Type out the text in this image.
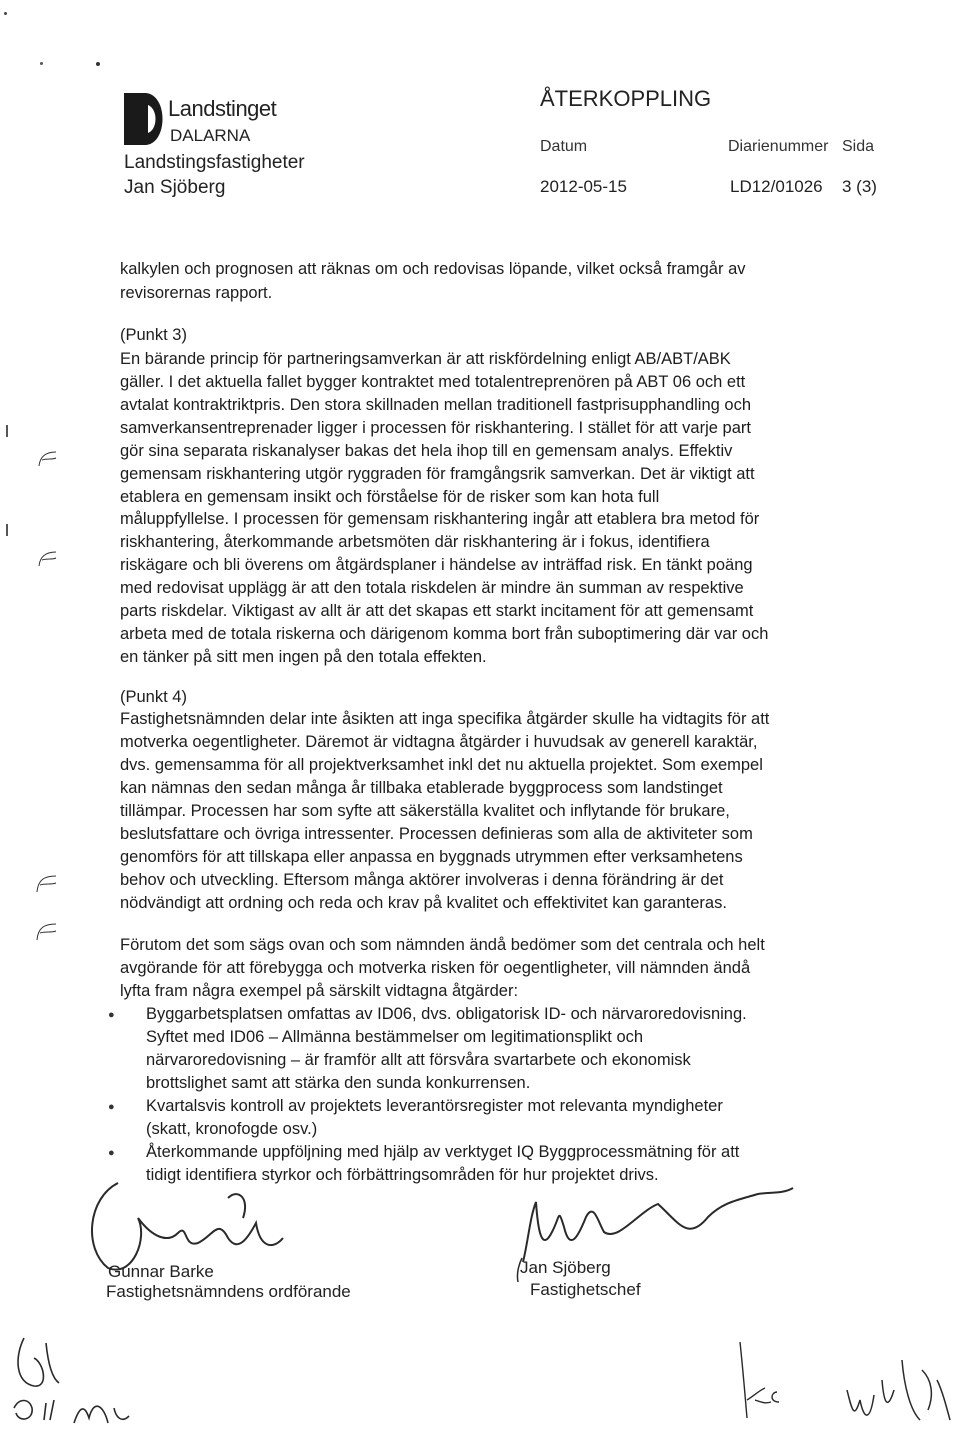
Landstinget
DALARNA
Landstingsfastigheter
Jan Sjöberg
ÅTERKOPPLING
Datum	Diarienummer Sida
2012-05-15	LD12/01026 3 (3)
kalkylen och prognosen att räknas om och redovisas löpande, vilket också framgår av
revisorernas rapport.
(Punkt 3)
En bärande princip för partneringsamverkan är att riskfördelning enligt AB/ABT/ABK
gäller. I det aktuella fallet bygger kontraktet med totalentreprenören på ABT 06 och ett
avtalat kontraktriktpris. Den stora skillnaden mellan traditionell fastprisupphandling och
samverkansentreprenader ligger i processen för riskhantering. I stället för att varje part
gör sina separata riskanalyser bakas det hela ihop till en gemensam analys. Effektiv
gemensam riskhantering utgör ryggraden för framgångsrik samverkan. Det är viktigt att
etablera en gemensam insikt och förståelse för de risker som kan hota full
måluppfyllelse. I processen för gemensam riskhantering ingår att etablera bra metod för
riskhantering, återkommande arbetsmöten där riskhantering är i fokus, identifiera
riskägare och bli överens om åtgärdsplaner i händelse av inträffad risk. En tänkt poäng
med redovisat upplägg är att den totala riskdelen är mindre än summan av respektive
parts riskdelar. Viktigast av allt är att det skapas ett starkt incitament för att gemensamt
arbeta med de totala riskerna och därigenom komma bort från suboptimering där var och
en tänker på sitt men ingen på den totala effekten.
(Punkt 4)
Fastighetsnämnden delar inte åsikten att inga specifika åtgärder skulle ha vidtagits för att
motverka oegentligheter. Däremot är vidtagna åtgärder i huvudsak av generell karaktär,
dvs. gemensamma för all projektverksamhet inkl det nu aktuella projektet. Som exempel
kan nämnas den sedan många år tillbaka etablerade byggprocess som landstinget
tillämpar. Processen har som syfte att säkerställa kvalitet och inflytande för brukare,
beslutsfattare och övriga intressenter. Processen definieras som alla de aktiviteter som
genomförs för att tillskapa eller anpassa en byggnads utrymmen efter verksamhetens
behov och utveckling. Eftersom många aktörer involveras i denna förändring är det
nödvändigt att ordning och reda och krav på kvalitet och effektivitet kan garanteras.
Förutom det som sägs ovan och som nämnden ändå bedömer som det centrala och helt
avgörande för att förebygga och motverka risken för oegentligheter, vill nämnden ändå
lyfta fram några exempel på särskilt vidtagna åtgärder:
● Byggarbetsplatsen omfattas av ID06, dvs. obligatorisk ID- och närvaroredovisning.
Syftet med ID06 – Allmänna bestämmelser om legitimationsplikt och
närvaroredovisning – är framför allt att försvåra svartarbete och ekonomisk
brottslighet samt att stärka den sunda konkurrensen.
● Kvartalsvis kontroll av projektets leverantörsregister mot relevanta myndigheter
(skatt, kronofogde osv.)
● Återkommande uppföljning med hjälp av verktyget IQ Byggprocessmätning för att
tidigt identifiera styrkor och förbättringsområden för hur projektet drivs.
Gunnar Barke
Fastighetsnämndens ordförande
Jan Sjöberg
Fastighetschef
